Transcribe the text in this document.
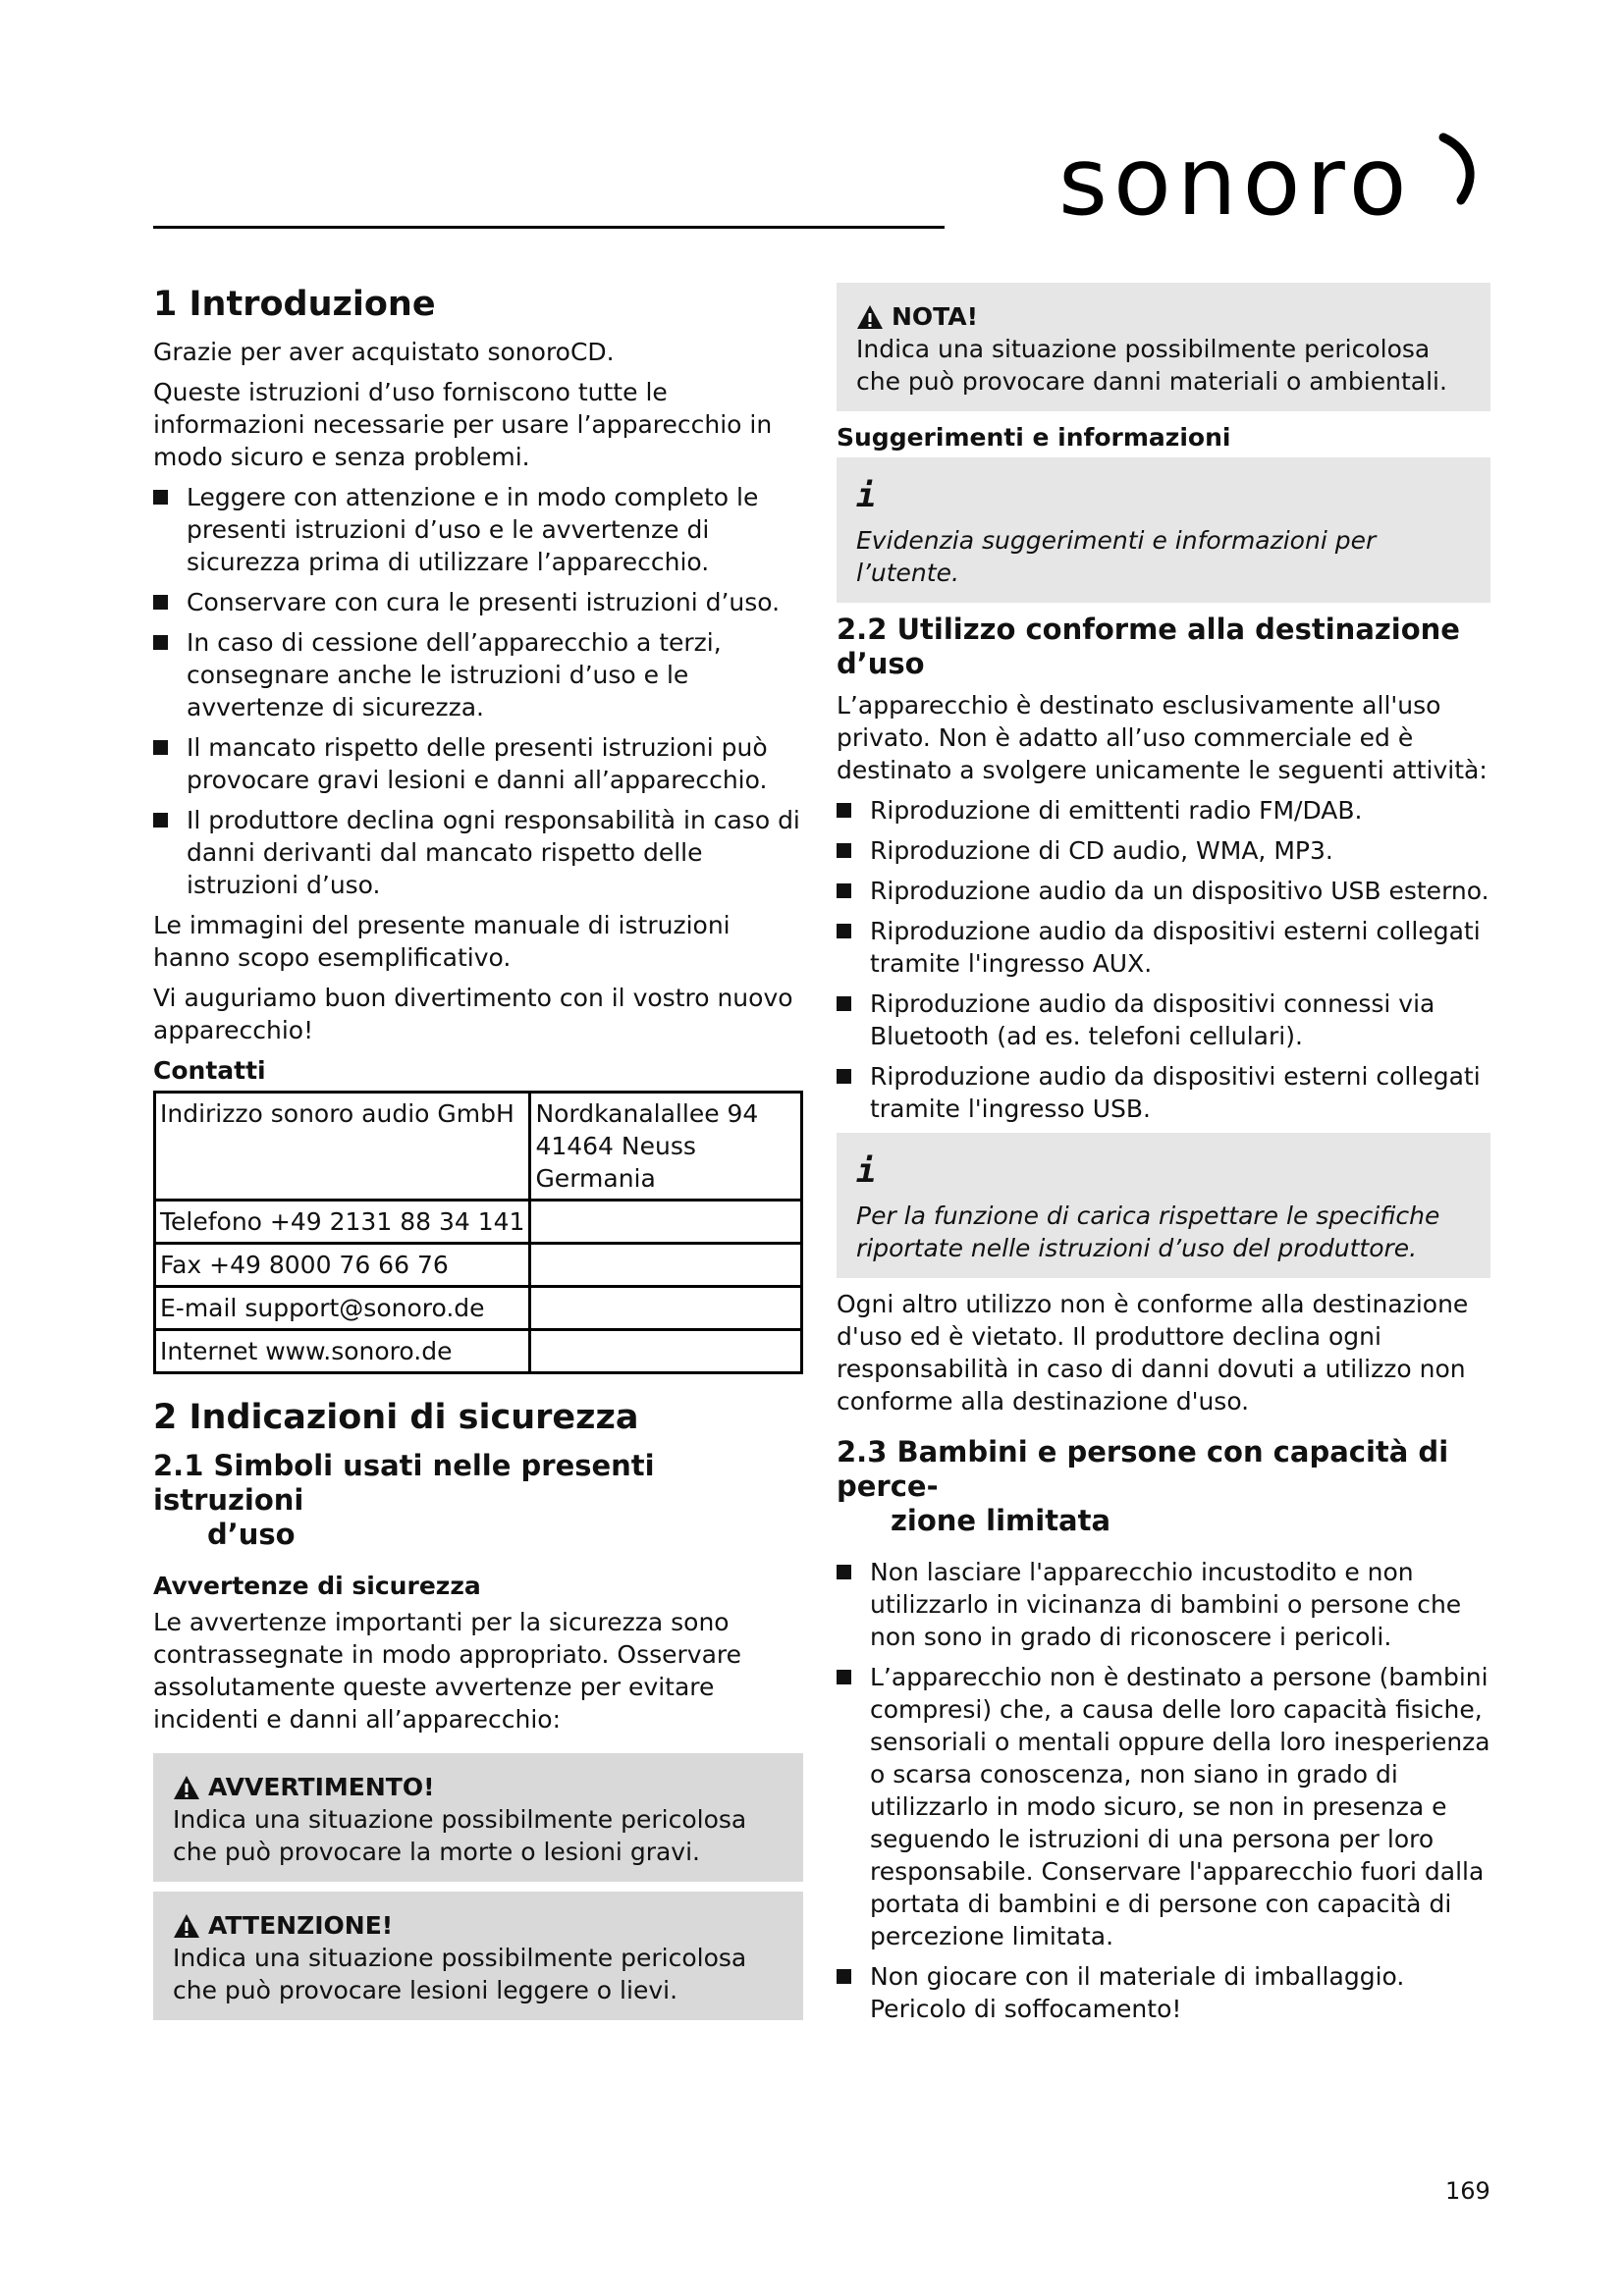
sonoro
1 Introduzione

Grazie per aver acquistato sonoroCD.

Queste istruzioni d’uso forniscono tutte le informazioni necessarie per usare l’apparecchio in modo sicuro e senza problemi.

Leggere con attenzione e in modo completo le presenti istruzioni d’uso e le avvertenze di sicurezza prima di utilizzare l’apparecchio.
Conservare con cura le presenti istruzioni d’uso.
In caso di cessione dell’apparecchio a terzi, consegnare anche le istruzioni d’uso e le avvertenze di sicurezza.
Il mancato rispetto delle presenti istruzioni può provocare gravi lesioni e danni all’apparecchio.
Il produttore declina ogni responsabilità in caso di danni derivanti dal mancato rispetto delle istruzioni d’uso.

Le immagini del presente manuale di istruzioni hanno scopo esemplificativo.

Vi auguriamo buon divertimento con il vostro nuovo apparecchio!

Contatti
Indirizzo sonoro audio GmbH	Nordkanalallee 94
41464 Neuss
Germania

Telefono +49 2131 88 34 141	
Fax +49 8000 76 66 76	
E-mail support@sonoro.de	
Internet www.sonoro.de	
2 Indicazioni di sicurezza
2.1 Simboli usati nelle presenti istruzioni
d’uso
Avvertenze di sicurezza

Le avvertenze importanti per la sicurezza sono contrassegnate in modo appropriato. Osservare assolutamente queste avvertenze per evitare incidenti e danni all’apparecchio:

AVVERTIMENTO!
Indica una situazione possibilmente pericolosa che può provocare la morte o lesioni gravi.
ATTENZIONE!
Indica una situazione possibilmente pericolosa che può provocare lesioni leggere o lievi.
NOTA!
Indica una situazione possibilmente pericolosa che può provocare danni materiali o ambientali.
Suggerimenti e informazioni
i
Evidenzia suggerimenti e informazioni per l’utente.
2.2 Utilizzo conforme alla destinazione d’uso

L’apparecchio è destinato esclusivamente all'uso privato. Non è adatto all’uso commerciale ed è destinato a svolgere unicamente le seguenti attività:

Riproduzione di emittenti radio FM/DAB.
Riproduzione di CD audio, WMA, MP3.
Riproduzione audio da un dispositivo USB esterno.
Riproduzione audio da dispositivi esterni collegati tramite l'ingresso AUX.
Riproduzione audio da dispositivi connessi via Bluetooth (ad es. telefoni cellulari).
Riproduzione audio da dispositivi esterni collegati tramite l'ingresso USB.
i
Per la funzione di carica rispettare le specifiche riportate nelle istruzioni d’uso del produttore.

Ogni altro utilizzo non è conforme alla destinazione d'uso ed è vietato. Il produttore declina ogni responsabilità in caso di danni dovuti a utilizzo non conforme alla destinazione d'uso.

2.3 Bambini e persone con capacità di perce-
zione limitata
Non lasciare l'apparecchio incustodito e non utilizzarlo in vicinanza di bambini o persone che non sono in grado di riconoscere i pericoli.
L’apparecchio non è destinato a persone (bambini compresi) che, a causa delle loro capacità fisiche, sensoriali o mentali oppure della loro inesperienza o scarsa conoscenza, non siano in grado di utilizzarlo in modo sicuro, se non in presenza e seguendo le istruzioni di una persona per loro responsabile. Conservare l'apparecchio fuori dalla portata di bambini e di persone con capacità di percezione limitata.
Non giocare con il materiale di imballaggio. Pericolo di soffocamento!
169
